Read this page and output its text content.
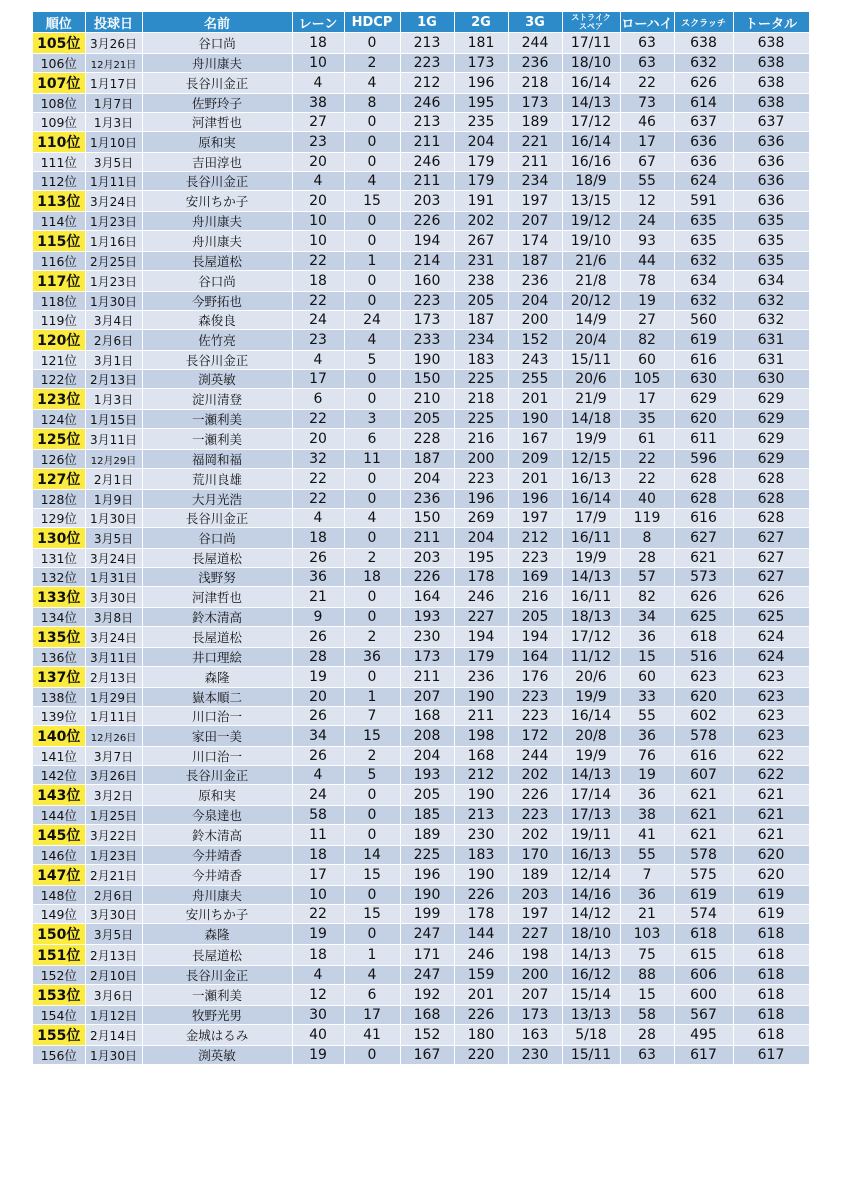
順位	投球日	名前	レーン	HDCP	1G	2G	3G	ストライク
スペア	ローハイ	スクラッチ	トータル
105位	3月26日	谷口尚	18	0	213	181	244	17/11	63	638	638
106位	12月21日	舟川康夫	10	2	223	173	236	18/10	63	632	638
107位	1月17日	長谷川金正	4	4	212	196	218	16/14	22	626	638
108位	1月7日	佐野玲子	38	8	246	195	173	14/13	73	614	638
109位	1月3日	河津哲也	27	0	213	235	189	17/12	46	637	637
110位	1月10日	原和実	23	0	211	204	221	16/14	17	636	636
111位	3月5日	吉田淳也	20	0	246	179	211	16/16	67	636	636
112位	1月11日	長谷川金正	4	4	211	179	234	18/9	55	624	636
113位	3月24日	安川ちか子	20	15	203	191	197	13/15	12	591	636
114位	1月23日	舟川康夫	10	0	226	202	207	19/12	24	635	635
115位	1月16日	舟川康夫	10	0	194	267	174	19/10	93	635	635
116位	2月25日	長屋道松	22	1	214	231	187	21/6	44	632	635
117位	1月23日	谷口尚	18	0	160	238	236	21/8	78	634	634
118位	1月30日	今野拓也	22	0	223	205	204	20/12	19	632	632
119位	3月4日	森俊良	24	24	173	187	200	14/9	27	560	632
120位	2月6日	佐竹亮	23	4	233	234	152	20/4	82	619	631
121位	3月1日	長谷川金正	4	5	190	183	243	15/11	60	616	631
122位	2月13日	渕英敏	17	0	150	225	255	20/6	105	630	630
123位	1月3日	淀川清登	6	0	210	218	201	21/9	17	629	629
124位	1月15日	一瀬利美	22	3	205	225	190	14/18	35	620	629
125位	3月11日	一瀬利美	20	6	228	216	167	19/9	61	611	629
126位	12月29日	福岡和福	32	11	187	200	209	12/15	22	596	629
127位	2月1日	荒川良雄	22	0	204	223	201	16/13	22	628	628
128位	1月9日	大月光浩	22	0	236	196	196	16/14	40	628	628
129位	1月30日	長谷川金正	4	4	150	269	197	17/9	119	616	628
130位	3月5日	谷口尚	18	0	211	204	212	16/11	8	627	627
131位	3月24日	長屋道松	26	2	203	195	223	19/9	28	621	627
132位	1月31日	浅野努	36	18	226	178	169	14/13	57	573	627
133位	3月30日	河津哲也	21	0	164	246	216	16/11	82	626	626
134位	3月8日	鈴木清高	9	0	193	227	205	18/13	34	625	625
135位	3月24日	長屋道松	26	2	230	194	194	17/12	36	618	624
136位	3月11日	井口理絵	28	36	173	179	164	11/12	15	516	624
137位	2月13日	森隆	19	0	211	236	176	20/6	60	623	623
138位	1月29日	嶽本順二	20	1	207	190	223	19/9	33	620	623
139位	1月11日	川口治一	26	7	168	211	223	16/14	55	602	623
140位	12月26日	家田一美	34	15	208	198	172	20/8	36	578	623
141位	3月7日	川口治一	26	2	204	168	244	19/9	76	616	622
142位	3月26日	長谷川金正	4	5	193	212	202	14/13	19	607	622
143位	3月2日	原和実	24	0	205	190	226	17/14	36	621	621
144位	1月25日	今泉達也	58	0	185	213	223	17/13	38	621	621
145位	3月22日	鈴木清高	11	0	189	230	202	19/11	41	621	621
146位	1月23日	今井靖香	18	14	225	183	170	16/13	55	578	620
147位	2月21日	今井靖香	17	15	196	190	189	12/14	7	575	620
148位	2月6日	舟川康夫	10	0	190	226	203	14/16	36	619	619
149位	3月30日	安川ちか子	22	15	199	178	197	14/12	21	574	619
150位	3月5日	森隆	19	0	247	144	227	18/10	103	618	618
151位	2月13日	長屋道松	18	1	171	246	198	14/13	75	615	618
152位	2月10日	長谷川金正	4	4	247	159	200	16/12	88	606	618
153位	3月6日	一瀬利美	12	6	192	201	207	15/14	15	600	618
154位	1月12日	牧野光男	30	17	168	226	173	13/13	58	567	618
155位	2月14日	金城はるみ	40	41	152	180	163	5/18	28	495	618
156位	1月30日	渕英敏	19	0	167	220	230	15/11	63	617	617
